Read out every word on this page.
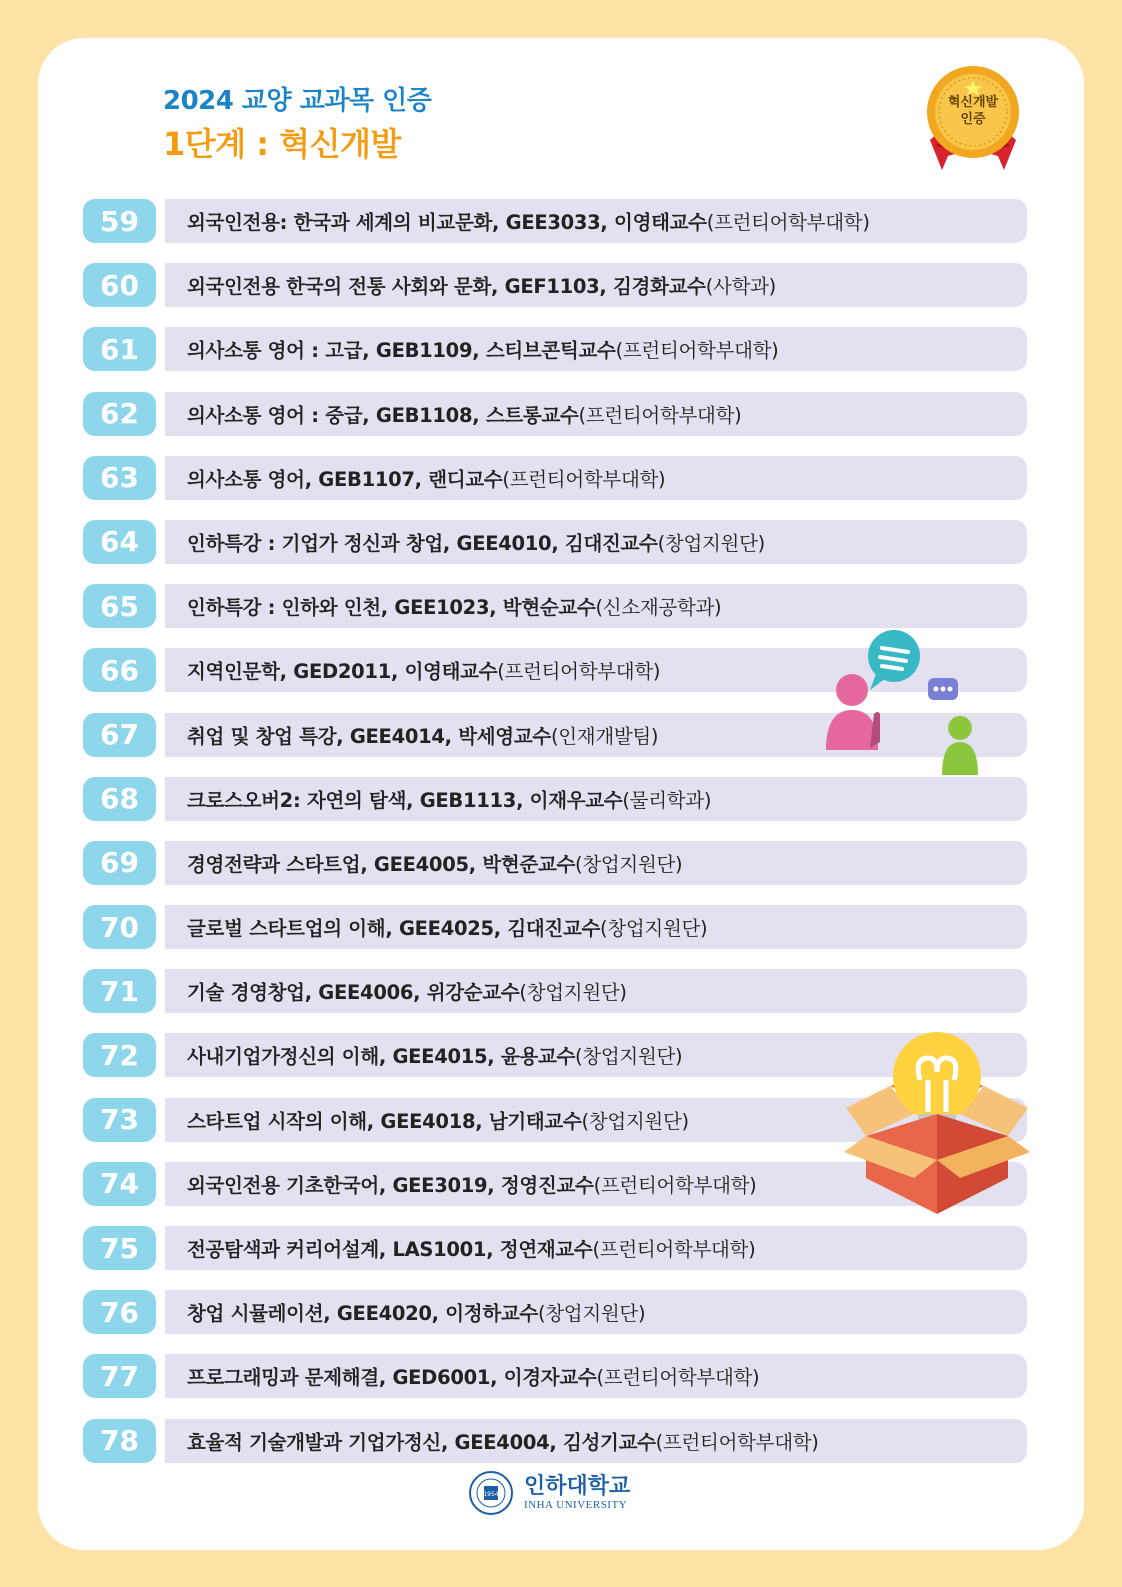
2024 교양 교과목 인증
1단계 : 혁신개발
혁신개발
인증
59	외국인전용: 한국과 세계의 비교문화, GEE3033, 이영태교수 (프런티어학부대학)
60	외국인전용 한국의 전통 사회와 문화, GEF1103, 김경화교수 (사학과)
61	의사소통 영어 : 고급, GEB1109, 스티브콘틱교수 (프런티어학부대학)
62	의사소통 영어 : 중급, GEB1108, 스트롱교수 (프런티어학부대학)
63	의사소통 영어, GEB1107, 랜디교수 (프런티어학부대학)
64	인하특강 : 기업가 정신과 창업, GEE4010, 김대진교수 (창업지원단)
65	인하특강 : 인하와 인천, GEE1023, 박현순교수 (신소재공학과)
66	지역인문학, GED2011, 이영태교수 (프런티어학부대학)
67	취업 및 창업 특강, GEE4014, 박세영교수 (인재개발팀)
68	크로스오버2: 자연의 탐색, GEB1113, 이재우교수 (물리학과)
69	경영전략과 스타트업, GEE4005, 박현준교수 (창업지원단)
70	글로벌 스타트업의 이해, GEE4025, 김대진교수 (창업지원단)
71	기술 경영창업, GEE4006, 위강순교수 (창업지원단)
72	사내기업가정신의 이해, GEE4015, 윤용교수 (창업지원단)
73	스타트업 시작의 이해, GEE4018, 남기태교수 (창업지원단)
74	외국인전용 기초한국어, GEE3019, 정영진교수 (프런티어학부대학)
75	전공탐색과 커리어설계, LAS1001, 정연재교수 (프런티어학부대학)
76	창업 시뮬레이션, GEE4020, 이정하교수 (창업지원단)
77	프로그래밍과 문제해결, GED6001, 이경자교수 (프런티어학부대학)
78	효율적 기술개발과 기업가정신, GEE4004, 김성기교수 (프런티어학부대학)
1954 인하대학교
INHA UNIVERSITY
